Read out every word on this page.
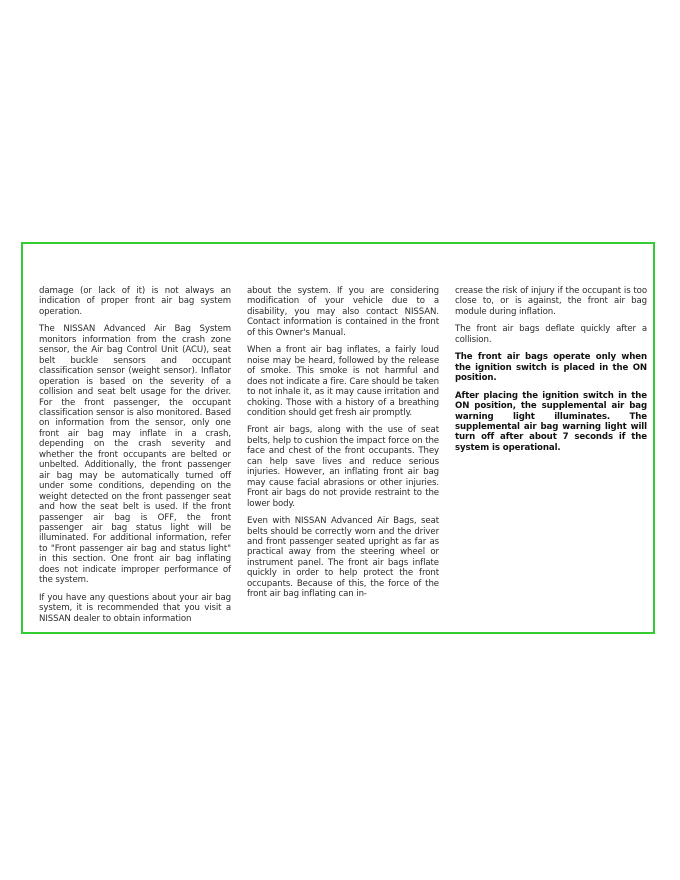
damage (or lack of it) is not always an indication of proper front air bag system operation.

The NISSAN Advanced Air Bag System monitors information from the crash zone sensor, the Air bag Control Unit (ACU), seat belt buckle sensors and occupant classification sensor (weight sensor). Inflator operation is based on the severity of a collision and seat belt usage for the driver. For the front passenger, the occupant classification sensor is also monitored. Based on information from the sensor, only one front air bag may inflate in a crash, depending on the crash severity and whether the front occupants are belted or unbelted. Additionally, the front passenger air bag may be automatically turned off under some conditions, depending on the weight detected on the front passenger seat and how the seat belt is used. If the front passenger air bag is OFF, the front passenger air bag status light will be illuminated. For additional information, refer to "Front passenger air bag and status light" in this section. One front air bag inflating does not indicate improper performance of the system.

If you have any questions about your air bag system, it is recommended that you visit a NISSAN dealer to obtain information

about the system. If you are considering modification of your vehicle due to a disability, you may also contact NISSAN. Contact information is contained in the front of this Owner's Manual.

When a front air bag inflates, a fairly loud noise may be heard, followed by the release of smoke. This smoke is not harmful and does not indicate a fire. Care should be taken to not inhale it, as it may cause irritation and choking. Those with a history of a breathing condition should get fresh air promptly.

Front air bags, along with the use of seat belts, help to cushion the impact force on the face and chest of the front occupants. They can help save lives and reduce serious injuries. However, an inflating front air bag may cause facial abrasions or other injuries. Front air bags do not provide restraint to the lower body.

Even with NISSAN Advanced Air Bags, seat belts should be correctly worn and the driver and front passenger seated upright as far as practical away from the steering wheel or instrument panel. The front air bags inflate quickly in order to help protect the front occupants. Because of this, the force of the front air bag inflating can in-

crease the risk of injury if the occupant is too close to, or is against, the front air bag module during inflation.

The front air bags deflate quickly after a collision.

The front air bags operate only when the ignition switch is placed in the ON position.

After placing the ignition switch in the ON position, the supplemental air bag warning light illuminates. The supplemental air bag warning light will turn off after about 7 seconds if the system is operational.
